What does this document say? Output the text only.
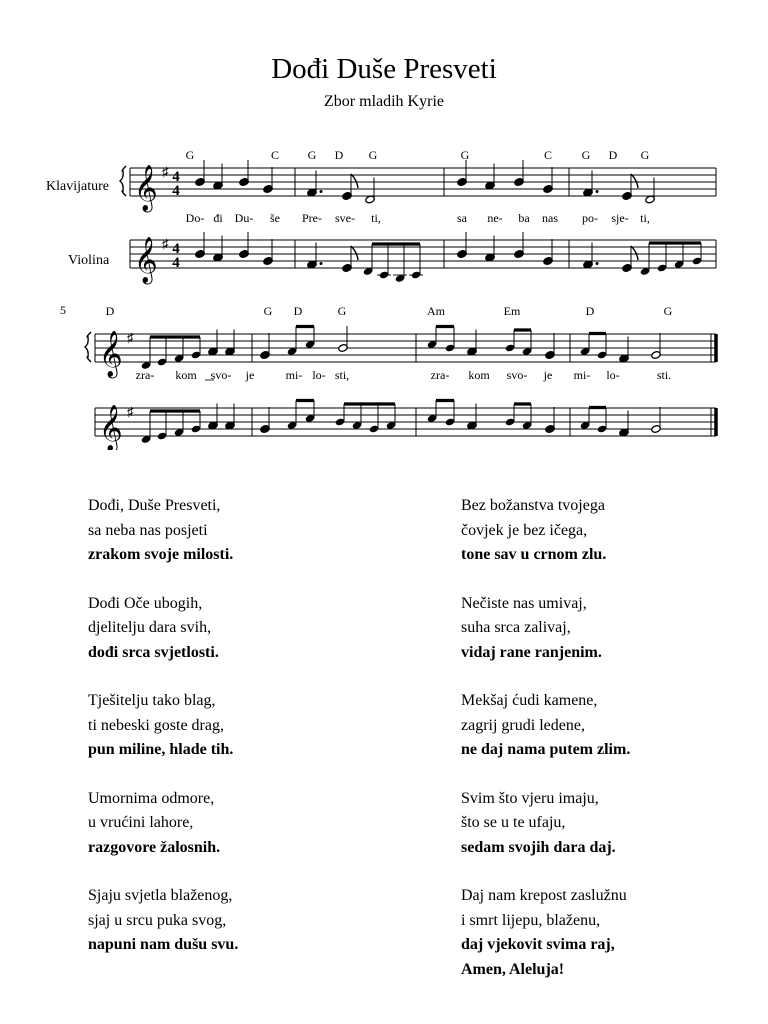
Dođi Duše Presveti
Zbor mladih Kyrie
𝄞 ♯ 4
4
𝄞 ♯ 4
4
𝄞 ♯
𝄞 ♯
Klavijature
Violina
G	C G D G	G	C G D G
Do- đi Du- še Pre- sve- ti,	sa ne- ba nas po- sje- ti,
5	D	G D	G	Am	Em	D	G
zra- kom svo- je	mi- lo- sti,	zra- kom svo- je mi- lo-	sti.
Dođi, Duše Presveti,
sa neba nas posjeti
zrakom svoje milosti.
Dođi Oče ubogih,
djelitelju dara svih,
dođi srca svjetlosti.
Tješitelju tako blag,
ti nebeski goste drag,
pun miline, hlade tih.
Umornima odmore,
u vrućini lahore,
razgovore žalosnih.
Sjaju svjetla blaženog,
sjaj u srcu puka svog,
napuni nam dušu svu.
Bez božanstva tvojega
čovjek je bez ičega,
tone sav u crnom zlu.
Nečiste nas umivaj,
suha srca zalivaj,
vidaj rane ranjenim.
Mekšaj ćudi kamene,
zagrij grudi ledene,
ne daj nama putem zlim.
Svim što vjeru imaju,
što se u te ufaju,
sedam svojih dara daj.
Daj nam krepost zaslužnu
i smrt lijepu, blaženu,
daj vjekovit svima raj,
Amen, Aleluja!
